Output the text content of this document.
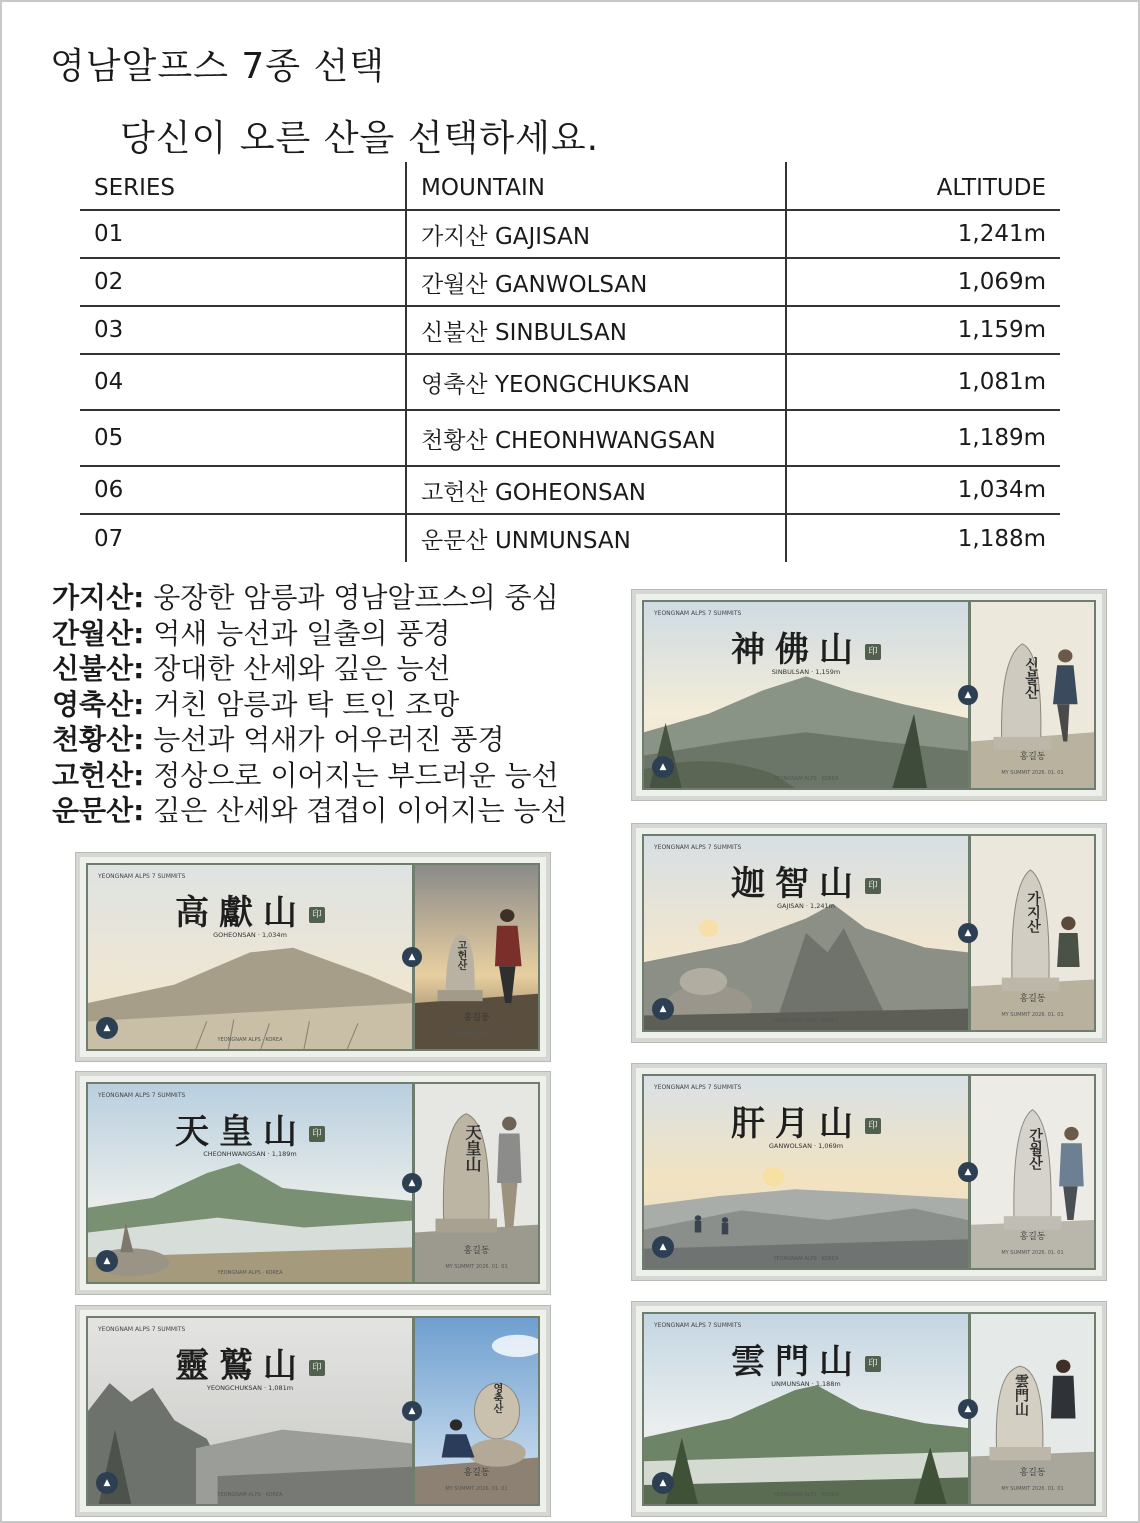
영남알프스 7종 선택
당신이 오른 산을 선택하세요.
SERIES	MOUNTAIN	ALTITUDE
01	가지산 GAJISAN	1,241m
02	간월산 GANWOLSAN	1,069m
03	신불산 SINBULSAN	1,159m
04	영축산 YEONGCHUKSAN	1,081m
05	천황산 CHEONHWANGSAN	1,189m
06	고헌산 GOHEONSAN	1,034m
07	운문산 UNMUNSAN	1,188m
가지산: 웅장한 암릉과 영남알프스의 중심
간월산: 억새 능선과 일출의 풍경
신불산: 장대한 산세와 깊은 능선
영축산: 거친 암릉과 탁 트인 조망
천황산: 능선과 억새가 어우러진 풍경
고헌산: 정상으로 이어지는 부드러운 능선
운문산: 깊은 산세와 겹겹이 이어지는 능선
YEONGNAM ALPS 7 SUMMITS
神佛山 印
SINBULSAN · 1,159m
YEONGNAM ALPS · KOREA
▲
▲	신불산
홍길동
MY SUMMIT 2026. 01. 01
YEONGNAM ALPS 7 SUMMITS
迦智山 印
GAJISAN · 1,241m
YEONGNAM ALPS · KOREA
▲
▲	가지산
홍길동
MY SUMMIT 2026. 01. 01
YEONGNAM ALPS 7 SUMMITS
高獻山 印
GOHEONSAN · 1,034m
YEONGNAM ALPS · KOREA
▲
▲	고헌산
홍길동
MY SUMMIT 2026. 01. 01
YEONGNAM ALPS 7 SUMMITS
肝月山 印
GANWOLSAN · 1,069m
YEONGNAM ALPS · KOREA
▲
▲
간월산
홍길동
MY SUMMIT 2026. 01. 01
YEONGNAM ALPS 7 SUMMITS
天皇山 印
CHEONHWANGSAN · 1,189m
YEONGNAM ALPS · KOREA
▲
▲
天皇山
홍길동
MY SUMMIT 2026. 01. 01
YEONGNAM ALPS 7 SUMMITS
雲門山 印
UNMUNSAN · 1,188m
YEONGNAM ALPS · KOREA
▲
▲	雲門山
홍길동
MY SUMMIT 2026. 01. 01
YEONGNAM ALPS 7 SUMMITS
靈鷲山 印
YEONGCHUKSAN · 1,081m
YEONGNAM ALPS · KOREA
▲
▲	영축산
홍길동
MY SUMMIT 2026. 01. 01
